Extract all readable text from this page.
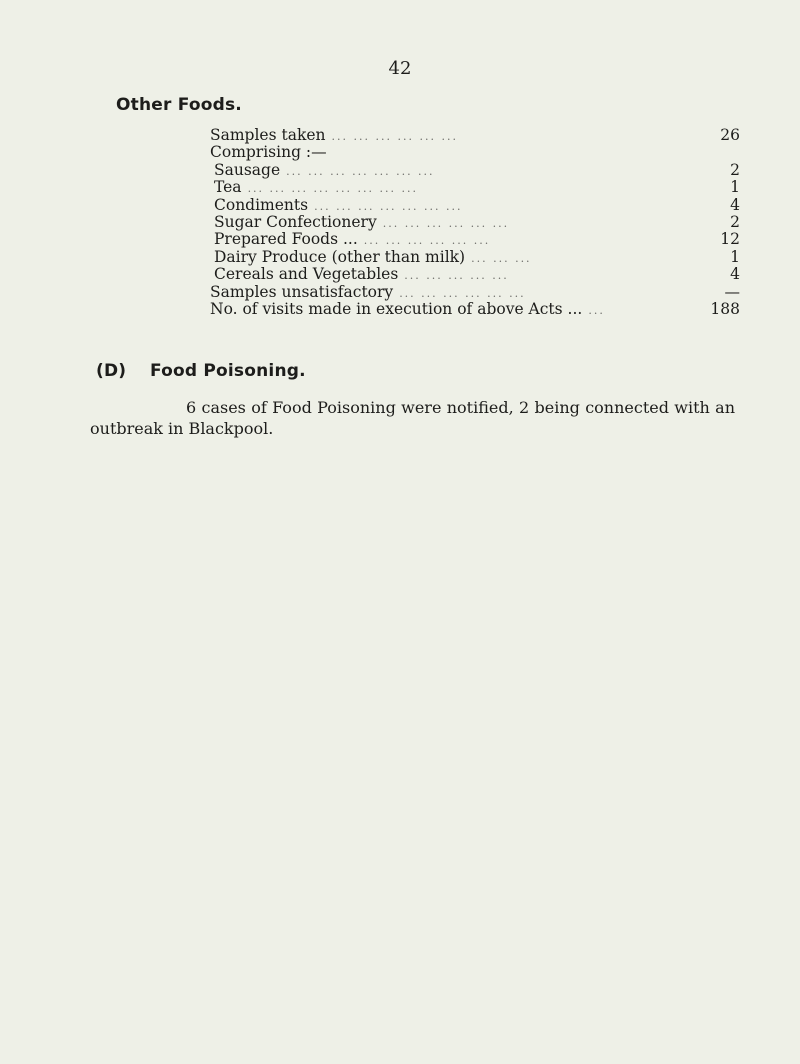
42
Other Foods.
Samples taken ... ... ... ... ... ...	26
Comprising :—
Sausage ... ... ... ... ... ... ...	2
Tea ... ... ... ... ... ... ... ...	1
Condiments ... ... ... ... ... ... ...	4
Sugar Confectionery ... ... ... ... ... ...	2
Prepared Foods ... ... ... ... ... ... ...	12
Dairy Produce (other than milk) ... ... ...	1
Cereals and Vegetables ... ... ... ... ...	4
Samples unsatisfactory ... ... ... ... ... ...	—
No. of visits made in execution of above Acts ... ...	188
(D) Food Poisoning.
6 cases of Food Poisoning were notified, 2 being connected with an outbreak in Blackpool.
